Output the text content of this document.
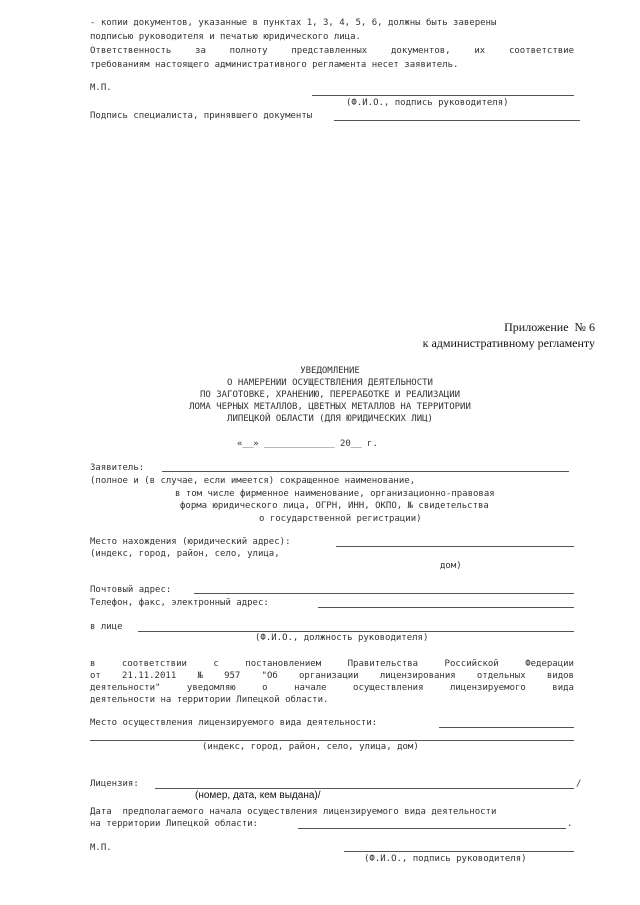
- копии документов, указанные в пунктах 1, 3, 4, 5, 6, должны быть заверены
подписью руководителя и печатью юридического лица.
Ответственность	за	полноту	представленных	документов,	их	соответствие
требованиям настоящего административного регламента несет заявитель.
М.П.
(Ф.И.О., подпись руководителя)
Подпись специалиста, принявшего документы
Приложение  № 6
к административному регламенту
УВЕДОМЛЕНИЕ
О НАМЕРЕНИИ ОСУЩЕСТВЛЕНИЯ ДЕЯТЕЛЬНОСТИ
ПО ЗАГОТОВКЕ, ХРАНЕНИЮ, ПЕРЕРАБОТКЕ И РЕАЛИЗАЦИИ
ЛОМА ЧЕРНЫХ МЕТАЛЛОВ, ЦВЕТНЫХ МЕТАЛЛОВ НА ТЕРРИТОРИИ
ЛИПЕЦКОЙ ОБЛАСТИ (ДЛЯ ЮРИДИЧЕСКИХ ЛИЦ)
«__» _____________ 20__ г.
Заявитель:
(полное и (в случае, если имеется) сокращенное наименование,
в том числе фирменное наименование, организационно-правовая
форма юридического лица, ОГРН, ИНН, ОКПО, № свидетельства
о государственной регистрации)
Место нахождения (юридический адрес):
(индекс, город, район, село, улица,
дом)
Почтовый адрес:
Телефон, факс, электронный адрес:
в лице
(Ф.И.О., должность руководителя)
в	соответствии	с	постановлением	Правительства	Российской	Федерации
от 21.11.2011 № 957 "Об организации лицензирования отдельных видов
деятельности"	уведомляю	о	начале	осуществления	лицензируемого	вида
деятельности на территории Липецкой области.
Место осуществления лицензируемого вида деятельности:
(индекс, город, район, село, улица, дом)
Лицензия:	/
(номер, дата, кем выдана)/
Дата  предполагаемого начала осуществления лицензируемого вида деятельности
на территории Липецкой области:	.
М.П.
(Ф.И.О., подпись руководителя)
